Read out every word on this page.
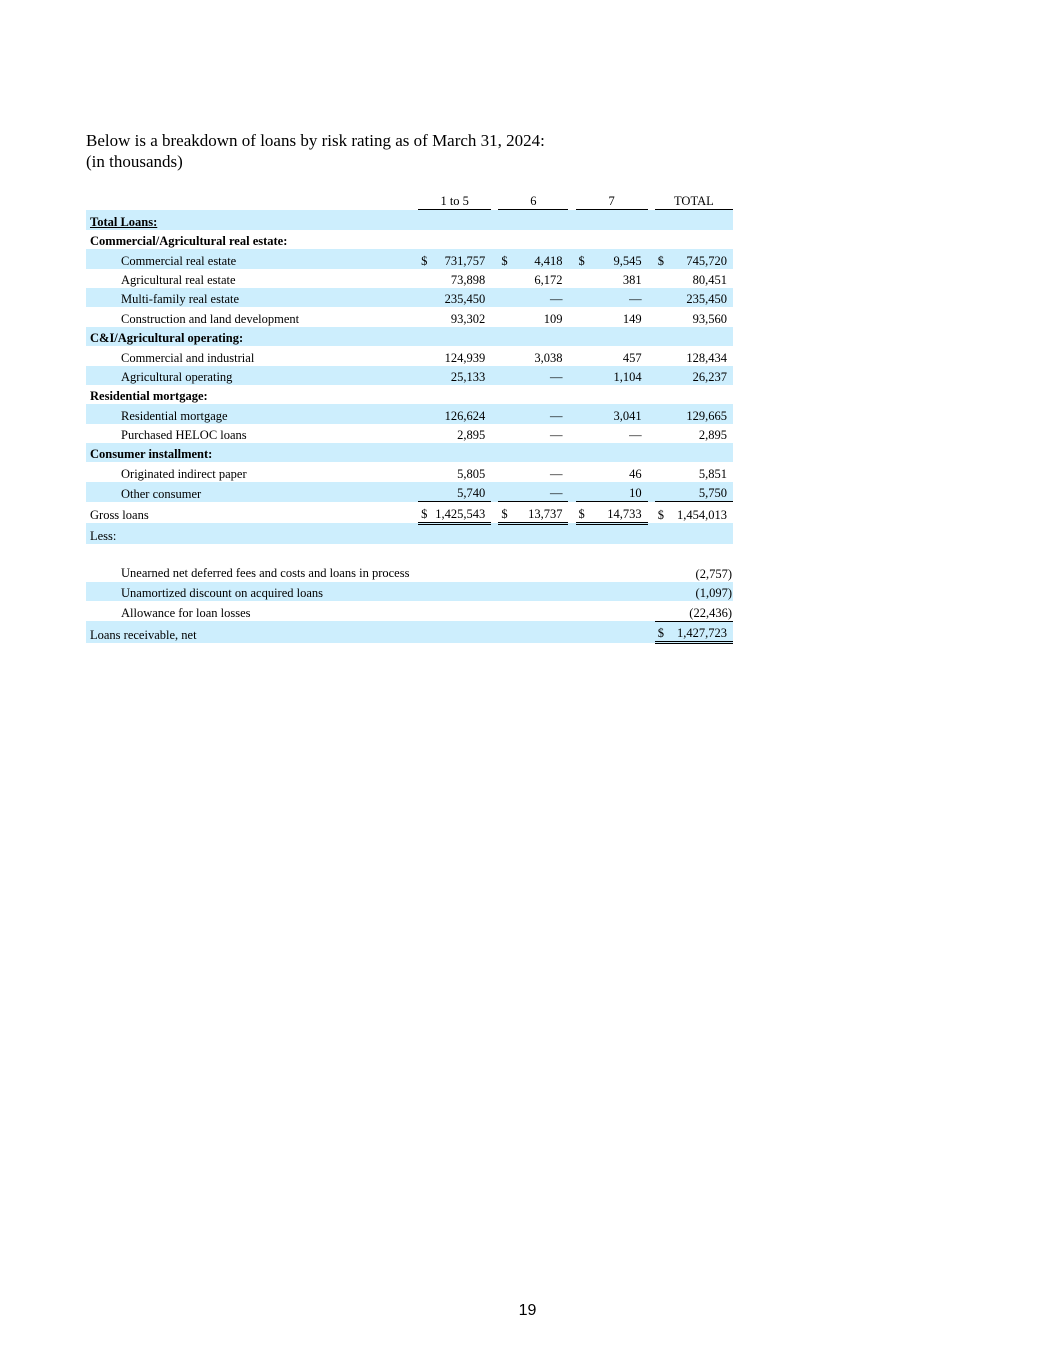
Below is a breakdown of loans by risk rating as of March 31, 2024:
(in thousands)
		1 to 5			6			7			TOTAL	
Total Loans:												
Commercial/Agricultural real estate:												
Commercial real estate		$	731,757		$	4,418		$	9,545		$	745,720
Agricultural real estate			73,898			6,172			381			80,451
Multi-family real estate			235,450			—			—			235,450
Construction and land development			93,302			109			149			93,560
C&I/Agricultural operating:												
Commercial and industrial			124,939			3,038			457			128,434
Agricultural operating			25,133			—			1,104			26,237
Residential mortgage:												
Residential mortgage			126,624			—			3,041			129,665
Purchased HELOC loans			2,895			—			—			2,895
Consumer installment:												
Originated indirect paper			5,805			—			46			5,851
Other consumer			5,740			—			10			5,750
Gross loans		$	1,425,543		$	13,737		$	14,733		$	1,454,013
Less:												
Unearned net deferred fees and costs and loans in process												(2,757)
Unamortized discount on acquired loans												(1,097)
Allowance for loan losses												(22,436)
Loans receivable, net											$	1,427,723
19
